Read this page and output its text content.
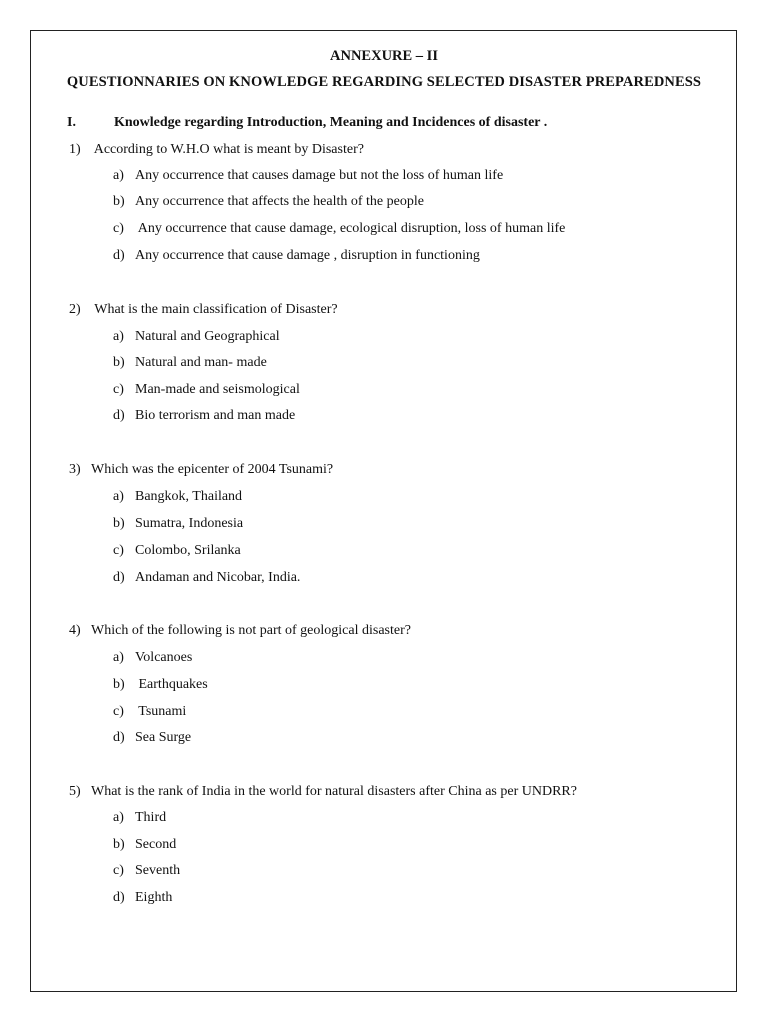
ANNEXURE – II
QUESTIONNARIES ON KNOWLEDGE REGARDING SELECTED DISASTER PREPAREDNESS
I.	Knowledge regarding Introduction, Meaning and Incidences of disaster .
1) According to W.H.O what is meant by Disaster?
a) Any occurrence that causes damage but not the loss of human life
b) Any occurrence that affects the health of the people
c) Any occurrence that cause damage, ecological disruption, loss of human life
d) Any occurrence that cause damage , disruption in functioning
2) What is the main classification of Disaster?
a) Natural and Geographical
b) Natural and man- made
c) Man-made and seismological
d) Bio terrorism and man made
3) Which was the epicenter of 2004 Tsunami?
a) Bangkok, Thailand
b) Sumatra, Indonesia
c) Colombo, Srilanka
d) Andaman and Nicobar, India.
4) Which of the following is not part of geological disaster?
a) Volcanoes
b) Earthquakes
c) Tsunami
d) Sea Surge
5) What is the rank of India in the world for natural disasters after China as per UNDRR?
a) Third
b) Second
c) Seventh
d) Eighth
